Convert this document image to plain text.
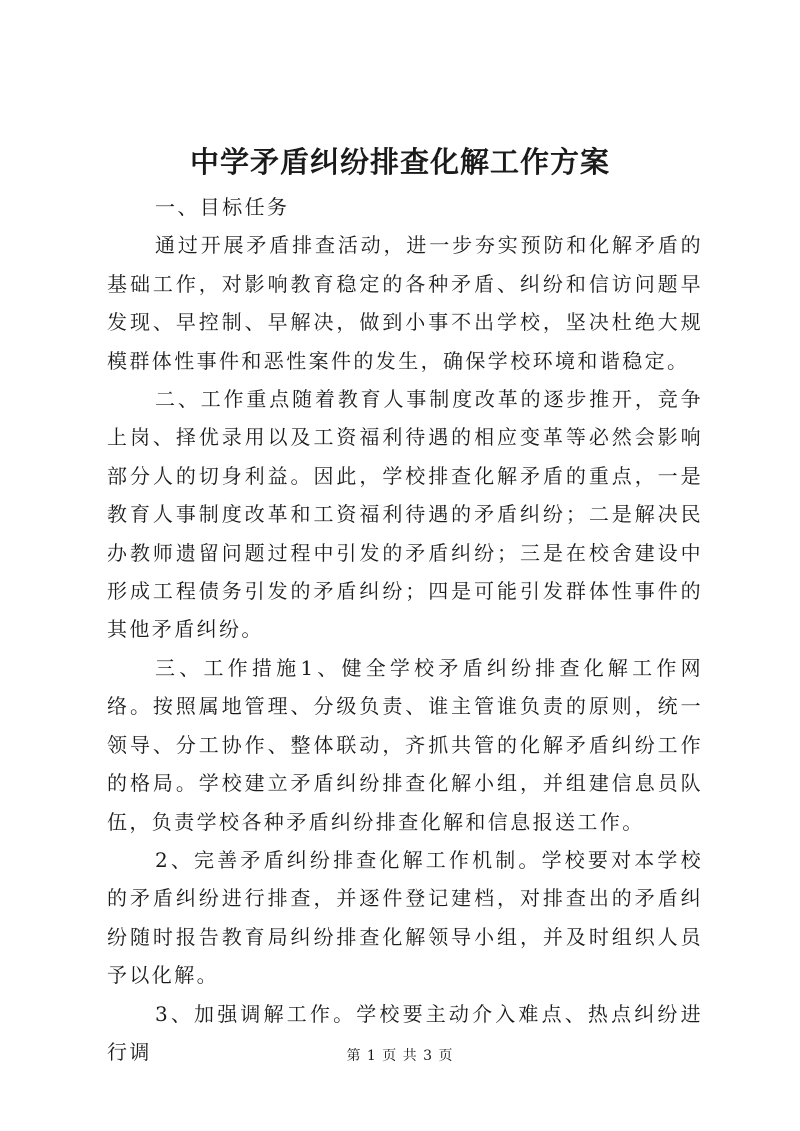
中学矛盾纠纷排查化解工作方案

一、目标任务

通过开展矛盾排查活动，进一步夯实预防和化解矛盾的基础工作，对影响教育稳定的各种矛盾、纠纷和信访问题早发现、早控制、早解决，做到小事不出学校，坚决杜绝大规模群体性事件和恶性案件的发生，确保学校环境和谐稳定。

二、工作重点随着教育人事制度改革的逐步推开，竞争上岗、择优录用以及工资福利待遇的相应变革等必然会影响部分人的切身利益。因此，学校排查化解矛盾的重点，一是教育人事制度改革和工资福利待遇的矛盾纠纷；二是解决民办教师遗留问题过程中引发的矛盾纠纷；三是在校舍建设中形成工程债务引发的矛盾纠纷；四是可能引发群体性事件的其他矛盾纠纷。

三、工作措施1、健全学校矛盾纠纷排查化解工作网络。按照属地管理、分级负责、谁主管谁负责的原则，统一领导、分工协作、整体联动，齐抓共管的化解矛盾纠纷工作的格局。学校建立矛盾纠纷排查化解小组，并组建信息员队伍，负责学校各种矛盾纠纷排查化解和信息报送工作。

2、完善矛盾纠纷排查化解工作机制。学校要对本学校的矛盾纠纷进行排查，并逐件登记建档，对排查出的矛盾纠纷随时报告教育局纠纷排查化解领导小组，并及时组织人员予以化解。

3、加强调解工作。学校要主动介入难点、热点纠纷进行调	第 1 页 共 3 页
